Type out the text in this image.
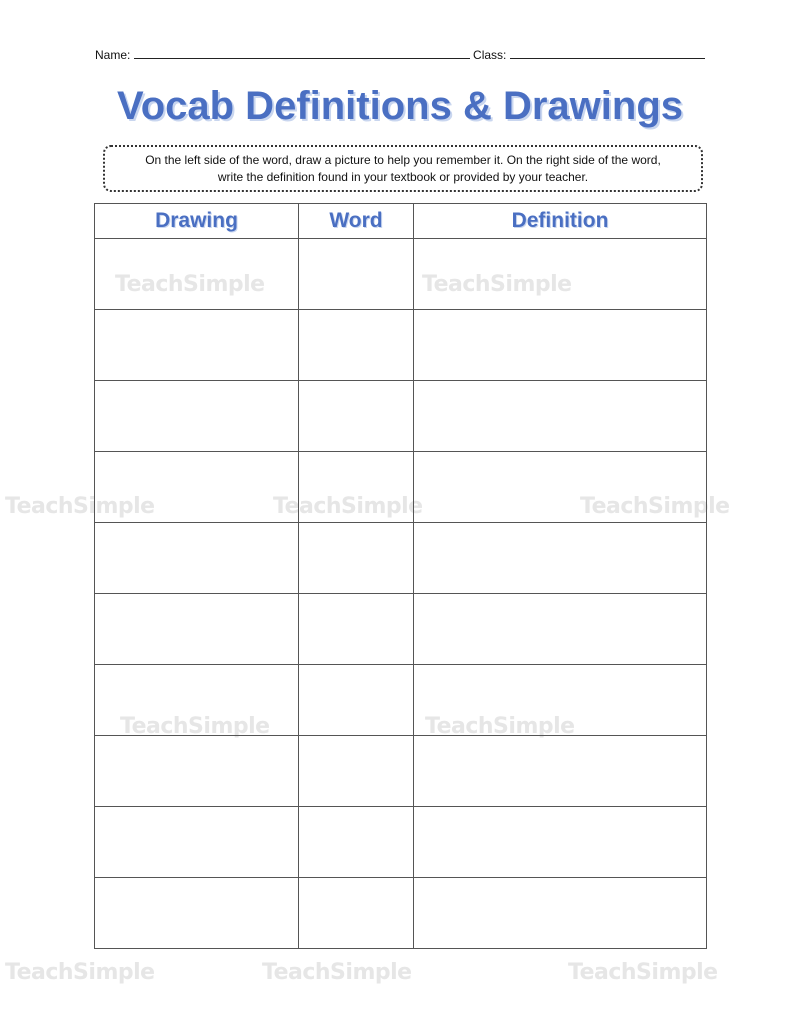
TeachSimple	TeachSimple
TeachSimple	TeachSimple	TeachSimple
TeachSimple	TeachSimple
TeachSimple	TeachSimple	TeachSimple
Name:	Class:
Vocab Definitions & Drawings
On the left side of the word, draw a picture to help you remember it. On the right side of the word,
write the definition found in your textbook or provided by your teacher.
Drawing	Word	Definition
